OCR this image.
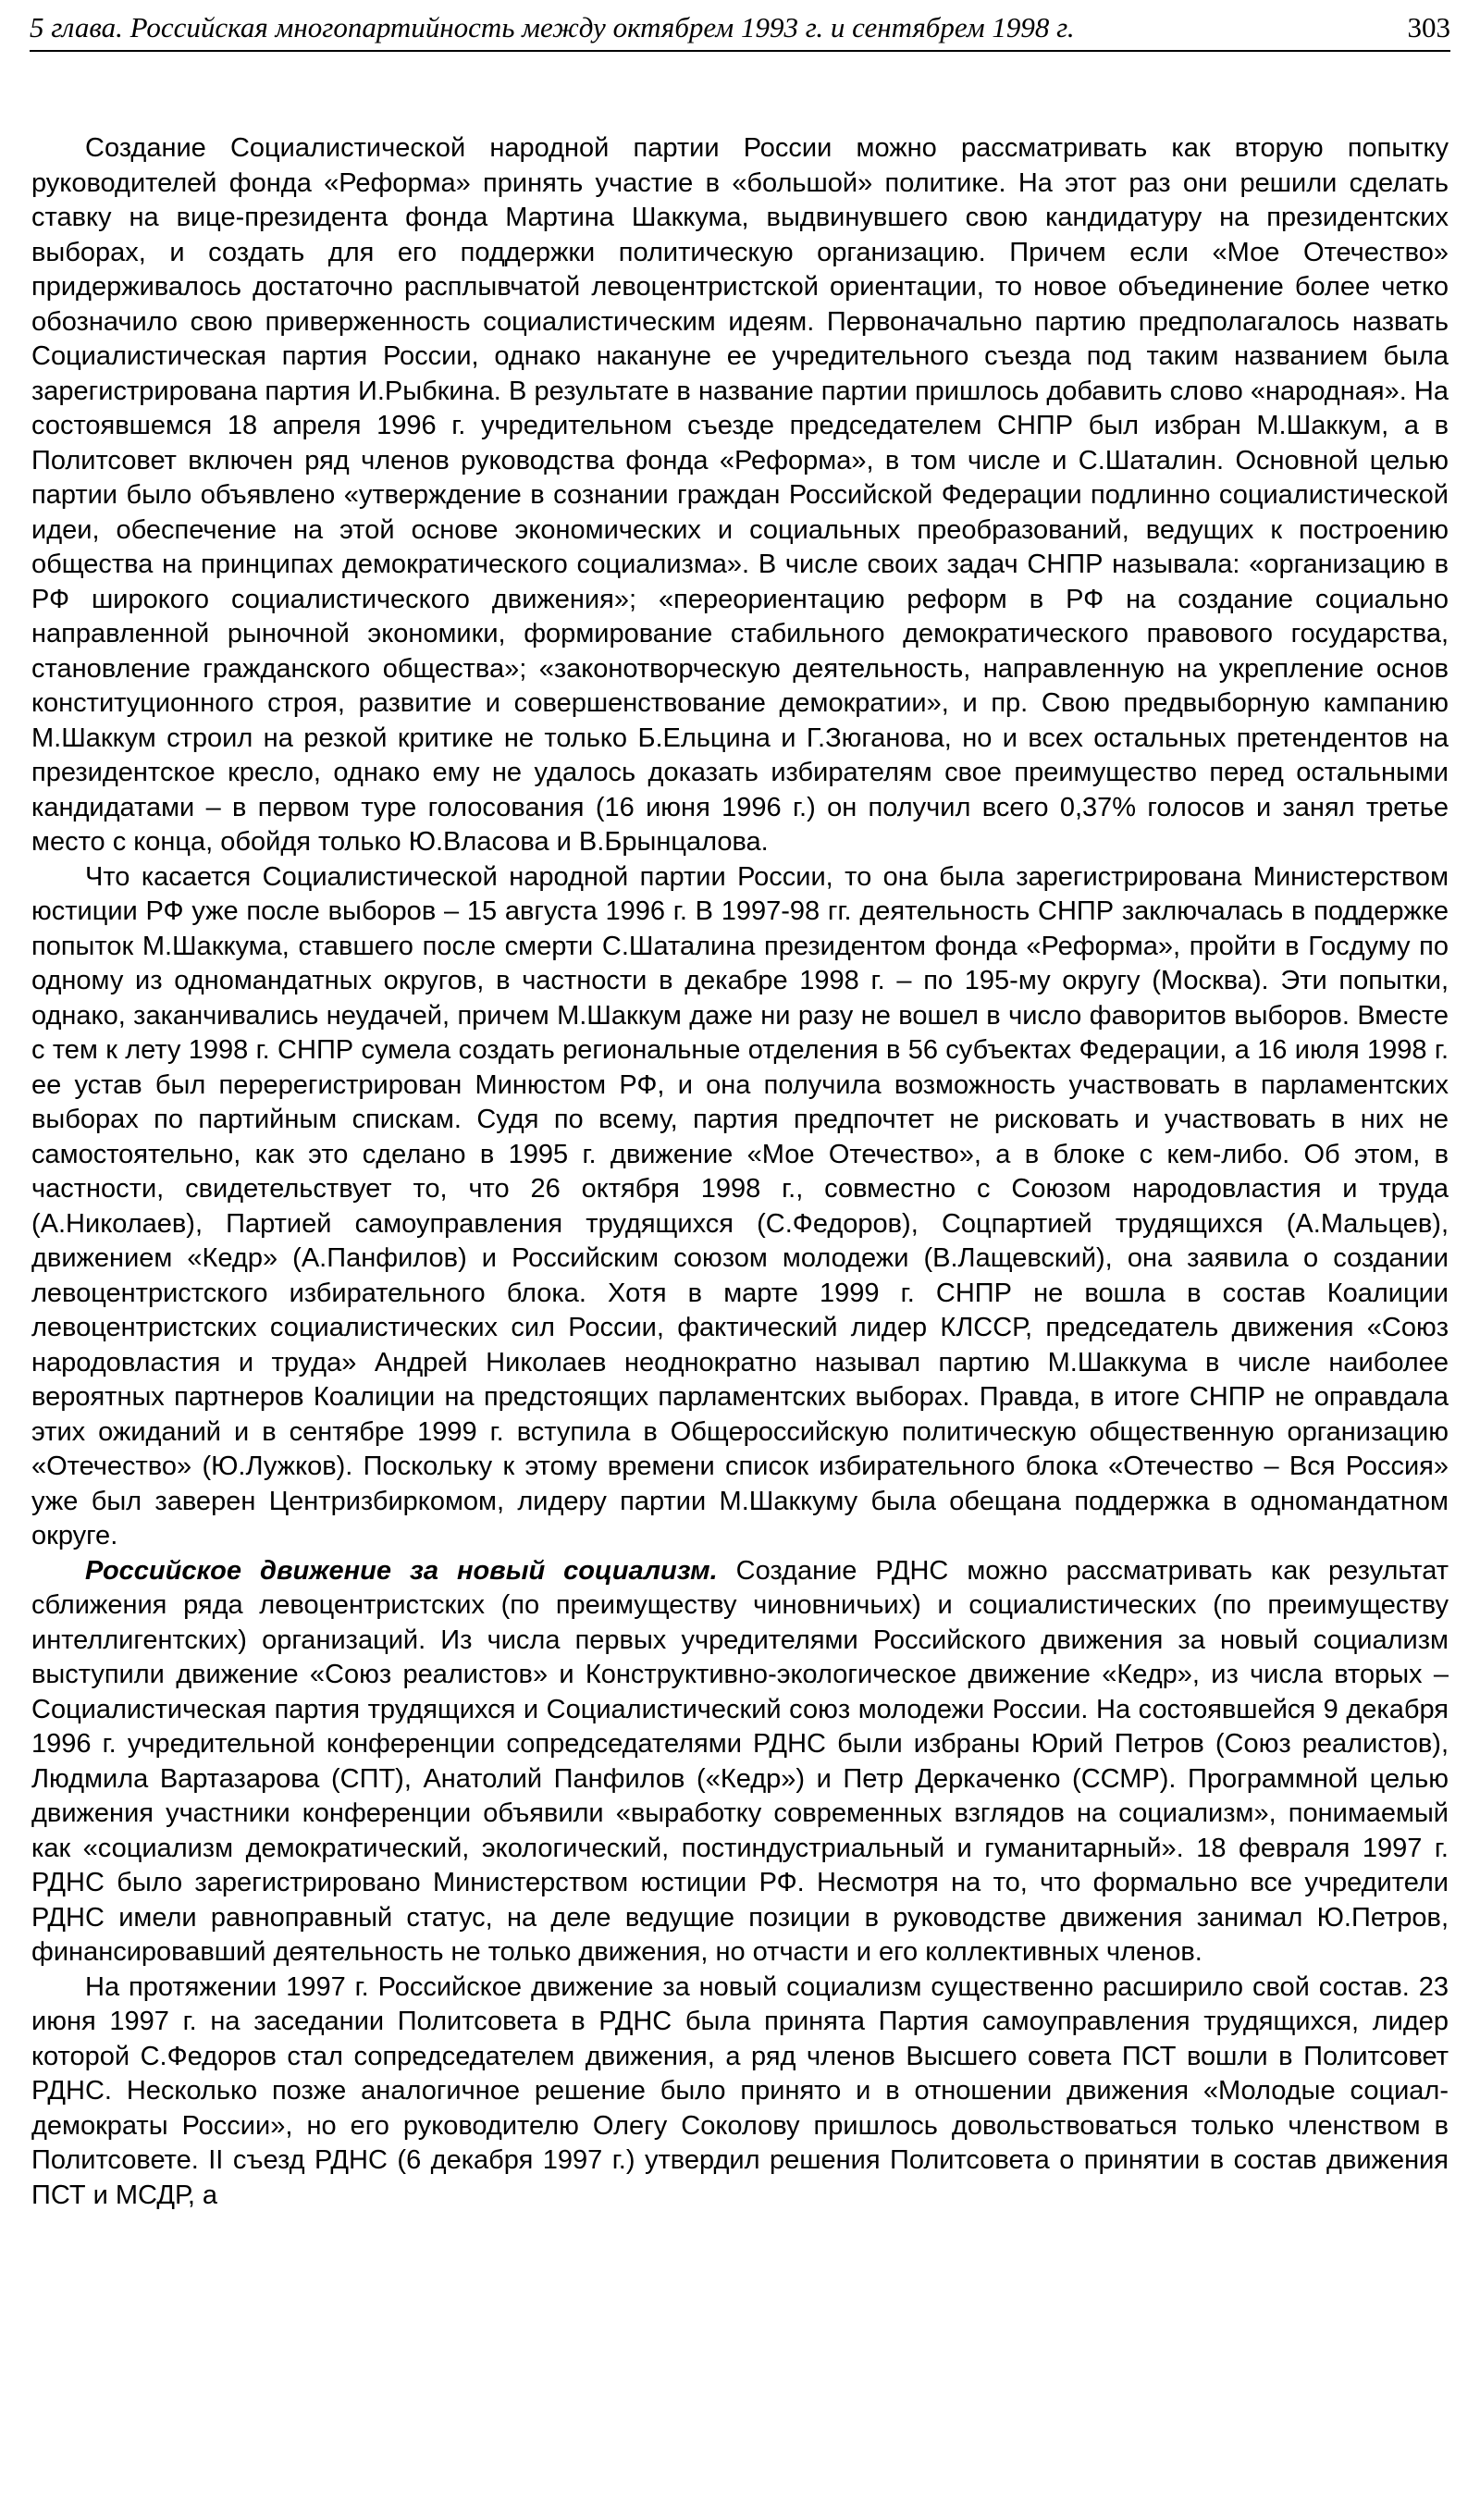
5 глава. Российская многопартийность между октябрем 1993 г. и сентябрем 1998 г.	303

Создание Социалистической народной партии России можно рассматривать как вторую попытку руководителей фонда «Реформа» принять участие в «большой» политике. На этот раз они решили сделать ставку на вице-президента фонда Мартина Шаккума, выдвинувшего свою кандидатуру на президентских выборах, и создать для его поддержки политическую организацию. Причем если «Мое Отечество» придерживалось достаточно расплывчатой левоцентристской ориентации, то новое объединение более четко обозначило свою приверженность социалистическим идеям. Первоначально партию предполагалось назвать Социалистическая партия России, однако накануне ее учредительного съезда под таким названием была зарегистрирована партия И.Рыбкина. В результате в название партии пришлось добавить слово «народная». На состоявшемся 18 апреля 1996 г. учредительном съезде председателем СНПР был избран М.Шаккум, а в Политсовет включен ряд членов руководства фонда «Реформа», в том числе и С.Шаталин. Основной целью партии было объявлено «утверждение в сознании граждан Российской Федерации подлинно социалистической идеи, обеспечение на этой основе экономических и социальных преобразований, ведущих к построению общества на принципах демократического социализма». В числе своих задач СНПР называла: «организацию в РФ широкого социалистического движения»; «переориентацию реформ в РФ на создание социально направленной рыночной экономики, формирование стабильного демократического правового государства, становление гражданского общества»; «законотворческую деятельность, направленную на укрепление основ конституционного строя, развитие и совершенствование демократии», и пр. Свою предвыборную кампанию М.Шаккум строил на резкой критике не только Б.Ельцина и Г.Зюганова, но и всех остальных претендентов на президентское кресло, однако ему не удалось доказать избирателям свое преимущество перед остальными кандидатами – в первом туре голосования (16 июня 1996 г.) он получил всего 0,37% голосов и занял третье место с конца, обойдя только Ю.Власова и В.Брынцалова.

Что касается Социалистической народной партии России, то она была зарегистрирована Министерством юстиции РФ уже после выборов – 15 августа 1996 г. В 1997-98 гг. деятельность СНПР заключалась в поддержке попыток М.Шаккума, ставшего после смерти С.Шаталина президентом фонда «Реформа», пройти в Госдуму по одному из одномандатных округов, в частности в декабре 1998 г. – по 195-му округу (Москва). Эти попытки, однако, заканчивались неудачей, причем М.Шаккум даже ни разу не вошел в число фаворитов выборов. Вместе с тем к лету 1998 г. СНПР сумела создать региональные отделения в 56 субъектах Федерации, а 16 июля 1998 г. ее устав был перерегистрирован Минюстом РФ, и она получила возможность участвовать в парламентских выборах по партийным спискам. Судя по всему, партия предпочтет не рисковать и участвовать в них не самостоятельно, как это сделано в 1995 г. движение «Мое Отечество», а в блоке с кем-либо. Об этом, в частности, свидетельствует то, что 26 октября 1998 г., совместно с Союзом народовластия и труда (А.Николаев), Партией самоуправления трудящихся (С.Федоров), Соцпартией трудящихся (А.Мальцев), движением «Кедр» (А.Панфилов) и Российским союзом молодежи (В.Лащевский), она заявила о создании левоцентристского избирательного блока. Хотя в марте 1999 г. СНПР не вошла в состав Коалиции левоцентристских социалистических сил России, фактический лидер КЛССР, председатель движения «Союз народовластия и труда» Андрей Николаев неоднократно называл партию М.Шаккума в числе наиболее вероятных партнеров Коалиции на предстоящих парламентских выборах. Правда, в итоге СНПР не оправдала этих ожиданий и в сентябре 1999 г. вступила в Общероссийскую политическую общественную организацию «Отечество» (Ю.Лужков). Поскольку к этому времени список избирательного блока «Отечество – Вся Россия» уже был заверен Центризбиркомом, лидеру партии М.Шаккуму была обещана поддержка в одномандатном округе.

Российское движение за новый социализм. Создание РДНС можно рассматривать как результат сближения ряда левоцентристских (по преимуществу чиновничьих) и социалистических (по преимуществу интеллигентских) организаций. Из числа первых учредителями Российского движения за новый социализм выступили движение «Союз реалистов» и Конструктивно-экологическое движение «Кедр», из числа вторых – Социалистическая партия трудящихся и Социалистический союз молодежи России. На состоявшейся 9 декабря 1996 г. учредительной конференции сопредседателями РДНС были избраны Юрий Петров (Союз реалистов), Людмила Вартазарова (СПТ), Анатолий Панфилов («Кедр») и Петр Деркаченко (ССМР). Программной целью движения участники конференции объявили «выработку современных взглядов на социализм», понимаемый как «социализм демократический, экологический, постиндустриальный и гуманитарный». 18 февраля 1997 г. РДНС было зарегистрировано Министерством юстиции РФ. Несмотря на то, что формально все учредители РДНС имели равноправный статус, на деле ведущие позиции в руководстве движения занимал Ю.Петров, финансировавший деятельность не только движения, но отчасти и его коллективных членов.

На протяжении 1997 г. Российское движение за новый социализм существенно расширило свой состав. 23 июня 1997 г. на заседании Политсовета в РДНС была принята Партия самоуправления трудящихся, лидер которой С.Федоров стал сопредседателем движения, а ряд членов Высшего совета ПСТ вошли в Политсовет РДНС. Несколько позже аналогичное решение было принято и в отношении движения «Молодые социал-демократы России», но его руководителю Олегу Соколову пришлось довольствоваться только членством в Политсовете. II съезд РДНС (6 декабря 1997 г.) утвердил решения Политсовета о принятии в состав движения ПСТ и МСДР, а
